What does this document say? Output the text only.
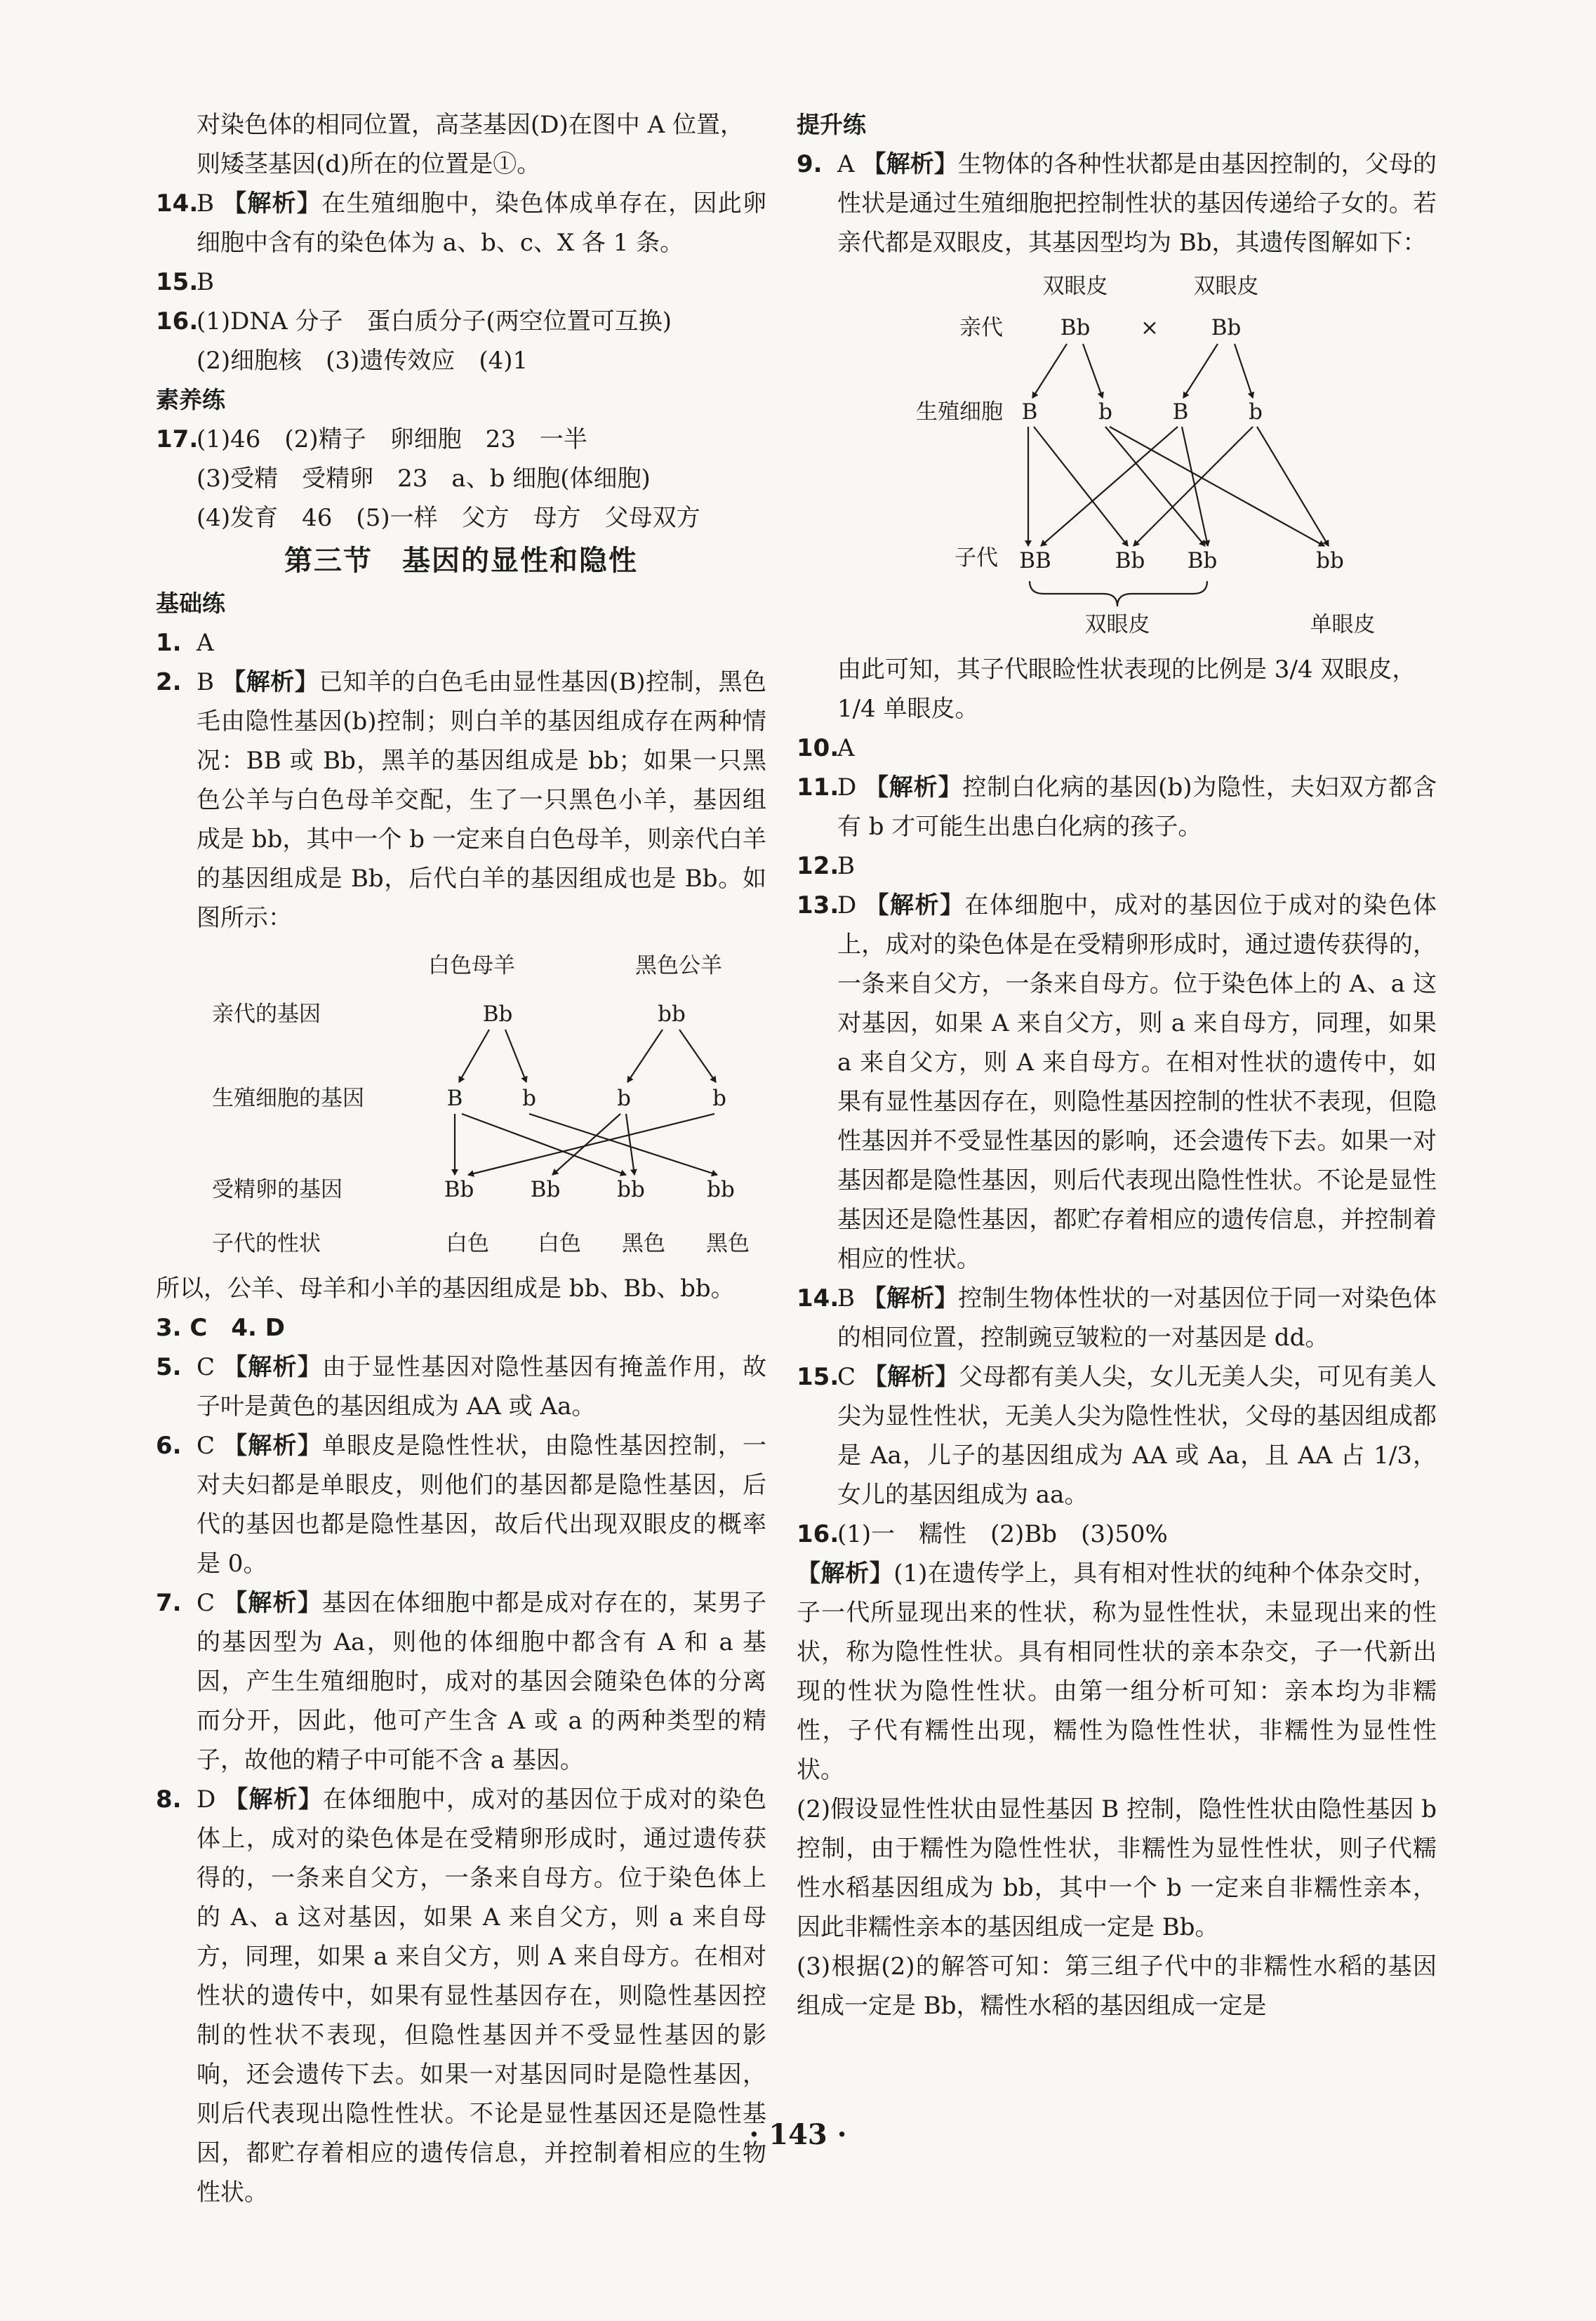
对染色体的相同位置，高茎基因(D)在图中 A 位置，

则矮茎基因(d)所在的位置是①。

14.
B 【解析】在生殖细胞中，染色体成单存在，因此卵细胞中含有的染色体为 a、b、c、X 各 1 条。

15.
B

16.
(1)DNA 分子　蛋白质分子(两空位置可互换)

(2)细胞核　(3)遗传效应　(4)1

素养练

17.
(1)46　(2)精子　卵细胞　23　一半

(3)受精　受精卵　23　a、b 细胞(体细胞)

(4)发育　46　(5)一样　父方　母方　父母双方

第三节　基因的显性和隐性

基础练

1. A

2. B 【解析】已知羊的白色毛由显性基因(B)控制，黑色毛由隐性基因(b)控制；则白羊的基因组成存在两种情况：BB 或 Bb，黑羊的基因组成是 bb；如果一只黑色公羊与白色母羊交配，生了一只黑色小羊，基因组成是 bb，其中一个 b 一定来自白色母羊，则亲代白羊的基因组成是 Bb，后代白羊的基因组成也是 Bb。如图所示：

白色母羊	黑色公羊
亲代的基因
生殖细胞的基因
受精卵的基因
子代的性状
Bb	bb
B	b	b	b
Bb	Bb	bb	bb
白色 白色 黑色 黑色

所以，公羊、母羊和小羊的基因组成是 bb、Bb、bb。

3. C　4. D

5. C 【解析】由于显性基因对隐性基因有掩盖作用，故子叶是黄色的基因组成为 AA 或 Aa。

6. C 【解析】单眼皮是隐性性状，由隐性基因控制，一对夫妇都是单眼皮，则他们的基因都是隐性基因，后代的基因也都是隐性基因，故后代出现双眼皮的概率是 0。

7. C 【解析】基因在体细胞中都是成对存在的，某男子的基因型为 Aa，则他的体细胞中都含有 A 和 a 基因，产生生殖细胞时，成对的基因会随染色体的分离而分开，因此，他可产生含 A 或 a 的两种类型的精子，故他的精子中可能不含 a 基因。

8. D 【解析】在体细胞中，成对的基因位于成对的染色体上，成对的染色体是在受精卵形成时，通过遗传获得的，一条来自父方，一条来自母方。位于染色体上的 A、a 这对基因，如果 A 来自父方，则 a 来自母方，同理，如果 a 来自父方，则 A 来自母方。在相对性状的遗传中，如果有显性基因存在，则隐性基因控制的性状不表现，但隐性基因并不受显性基因的影响，还会遗传下去。如果一对基因同时是隐性基因，则后代表现出隐性性状。不论是显性基因还是隐性基因，都贮存着相应的遗传信息，并控制着相应的生物性状。

提升练

9. A 【解析】生物体的各种性状都是由基因控制的，父母的性状是通过生殖细胞把控制性状的基因传递给子女的。若亲代都是双眼皮，其基因型均为 Bb，其遗传图解如下：

双眼皮	双眼皮
亲代	Bb × Bb
生殖细胞 B	b	B	b
子代 BB	Bb Bb	bb
双眼皮	单眼皮

由此可知，其子代眼睑性状表现的比例是 3/4 双眼皮，

1/4 单眼皮。

10.
A

11.
D 【解析】控制白化病的基因(b)为隐性，夫妇双方都含有 b 才可能生出患白化病的孩子。

12.
B

13.
D 【解析】在体细胞中，成对的基因位于成对的染色体上，成对的染色体是在受精卵形成时，通过遗传获得的，一条来自父方，一条来自母方。位于染色体上的 A、a 这对基因，如果 A 来自父方，则 a 来自母方，同理，如果 a 来自父方，则 A 来自母方。在相对性状的遗传中，如果有显性基因存在，则隐性基因控制的性状不表现，但隐性基因并不受显性基因的影响，还会遗传下去。如果一对基因都是隐性基因，则后代表现出隐性性状。不论是显性基因还是隐性基因，都贮存着相应的遗传信息，并控制着相应的性状。

14.
B 【解析】控制生物体性状的一对基因位于同一对染色体的相同位置，控制豌豆皱粒的一对基因是 dd。

15.
C 【解析】父母都有美人尖，女儿无美人尖，可见有美人尖为显性性状，无美人尖为隐性性状，父母的基因组成都是 Aa，儿子的基因组成为 AA 或 Aa，且 AA 占 1/3，女儿的基因组成为 aa。

16.
(1)一　糯性　(2)Bb　(3)50%

【解析】(1)在遗传学上，具有相对性状的纯种个体杂交时，子一代所显现出来的性状，称为显性性状，未显现出来的性状，称为隐性性状。具有相同性状的亲本杂交，子一代新出现的性状为隐性性状。由第一组分析可知：亲本均为非糯性，子代有糯性出现，糯性为隐性性状，非糯性为显性性状。

(2)假设显性性状由显性基因 B 控制，隐性性状由隐性基因 b 控制，由于糯性为隐性性状，非糯性为显性性状，则子代糯性水稻基因组成为 bb，其中一个 b 一定来自非糯性亲本，因此非糯性亲本的基因组成一定是 Bb。

(3)根据(2)的解答可知：第三组子代中的非糯性水稻的基因组成一定是 Bb，糯性水稻的基因组成一定是

· 143 ·
